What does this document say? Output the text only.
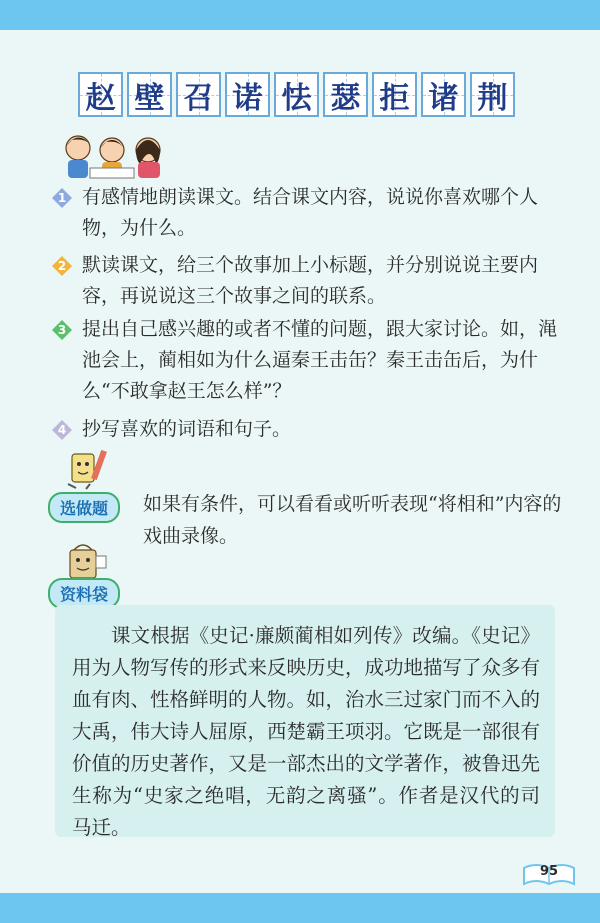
赵 壁 召 诺 怯 瑟 拒 诸 荆
1 有感情地朗读课文。结合课文内容，说说你喜欢哪个人物，为什么。
2 默读课文，给三个故事加上小标题，并分别说说主要内容，再说说这三个故事之间的联系。
3 提出自己感兴趣的或者不懂的问题，跟大家讨论。如，渑池会上，蔺相如为什么逼秦王击缶？秦王击缶后，为什么“不敢拿赵王怎么样”？
4 抄写喜欢的词语和句子。
选做题	如果有条件，可以看看或听听表现“将相和”内容的戏曲录像。
资料袋
课文根据《史记·廉颇蔺相如列传》改编。《史记》用为人物写传的形式来反映历史，成功地描写了众多有血有肉、性格鲜明的人物。如，治水三过家门而不入的大禹，伟大诗人屈原，西楚霸王项羽。它既是一部很有价值的历史著作，又是一部杰出的文学著作，被鲁迅先生称为“史家之绝唱，无韵之离骚”。作者是汉代的司马迁。
95
